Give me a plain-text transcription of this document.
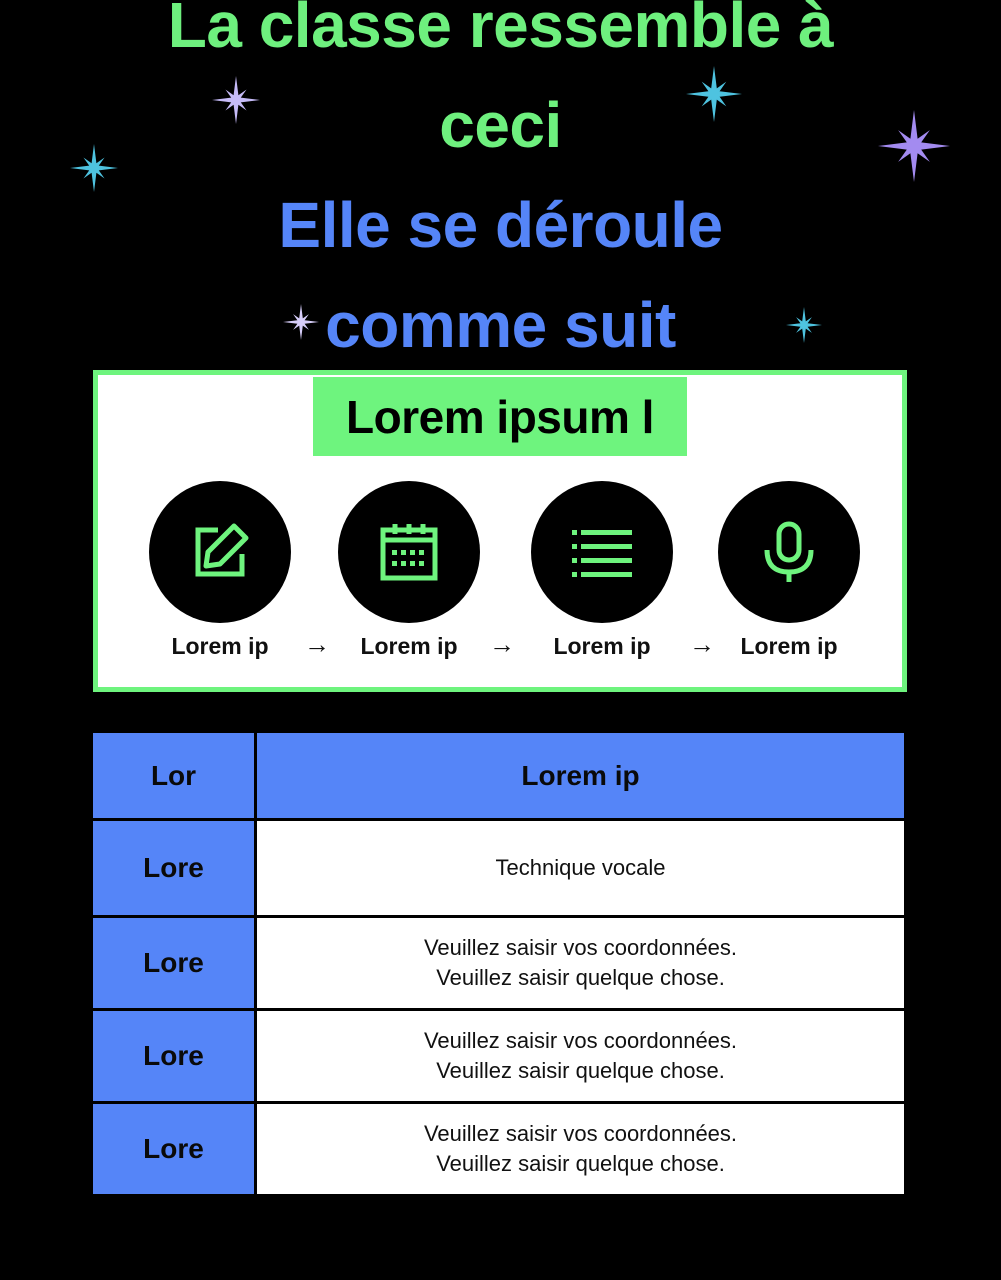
La classe ressemble à
ceci
Elle se déroule
comme suit
Lorem ipsum l
Lorem ip	→	Lorem ip	→	Lorem ip	→	Lorem ip
Lor	Lorem ip
Lore	Technique vocale
Lore	Veuillez saisir vos coordonnées.
Veuillez saisir quelque chose.
Lore	Veuillez saisir vos coordonnées.
Veuillez saisir quelque chose.
Lore	Veuillez saisir vos coordonnées.
Veuillez saisir quelque chose.
